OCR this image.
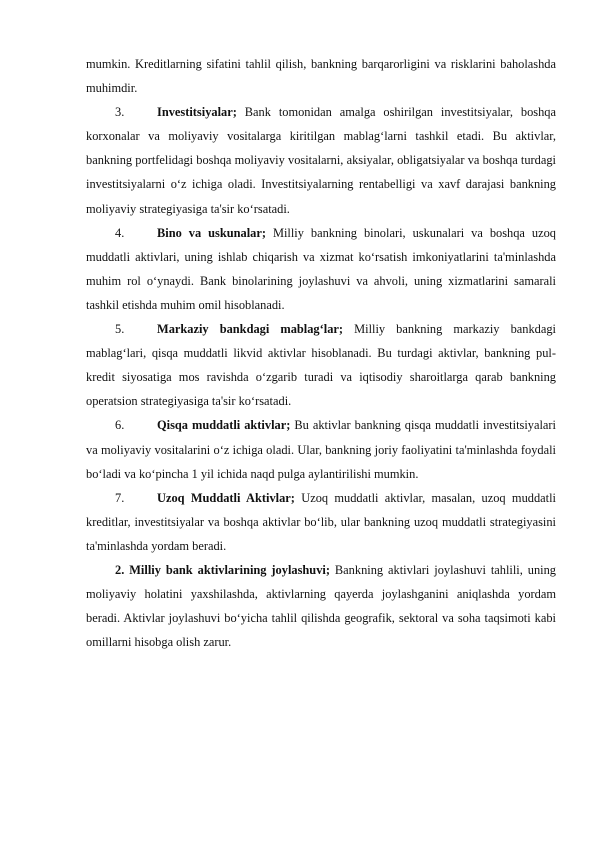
mumkin. Kreditlarning sifatini tahlil qilish, bankning barqarorligini va risklarini baholashda muhimdir.

3.	Investitsiyalar; Bank tomonidan amalga oshirilgan investitsiyalar, boshqa korxonalar va moliyaviy vositalarga kiritilgan mablag‘larni tashkil etadi. Bu aktivlar, bankning portfelidagi boshqa moliyaviy vositalarni, aksiyalar, obligatsiyalar va boshqa turdagi investitsiyalarni o‘z ichiga oladi. Investitsiyalarning rentabelligi va xavf darajasi bankning moliyaviy strategiyasiga ta'sir ko‘rsatadi.

4.	Bino va uskunalar; Milliy bankning binolari, uskunalari va boshqa uzoq muddatli aktivlari, uning ishlab chiqarish va xizmat ko‘rsatish imkoniyatlarini ta'minlashda muhim rol o‘ynaydi. Bank binolarining joylashuvi va ahvoli, uning xizmatlarini samarali tashkil etishda muhim omil hisoblanadi.

5.	Markaziy bankdagi mablag‘lar; Milliy bankning markaziy bankdagi mablag‘lari, qisqa muddatli likvid aktivlar hisoblanadi. Bu turdagi aktivlar, bankning pul-kredit siyosatiga mos ravishda o‘zgarib turadi va iqtisodiy sharoitlarga qarab bankning operatsion strategiyasiga ta'sir ko‘rsatadi.

6.	Qisqa muddatli aktivlar; Bu aktivlar bankning qisqa muddatli investitsiyalari va moliyaviy vositalarini o‘z ichiga oladi. Ular, bankning joriy faoliyatini ta'minlashda foydali bo‘ladi va ko‘pincha 1 yil ichida naqd pulga aylantirilishi mumkin.

7.	Uzoq Muddatli Aktivlar; Uzoq muddatli aktivlar, masalan, uzoq muddatli kreditlar, investitsiyalar va boshqa aktivlar bo‘lib, ular bankning uzoq muddatli strategiyasini ta'minlashda yordam beradi.

2. Milliy bank aktivlarining joylashuvi; Bankning aktivlari joylashuvi tahlili, uning moliyaviy holatini yaxshilashda, aktivlarning qayerda joylashganini aniqlashda yordam beradi. Aktivlar joylashuvi bo‘yicha tahlil qilishda geografik, sektoral va soha taqsimoti kabi omillarni hisobga olish zarur.
